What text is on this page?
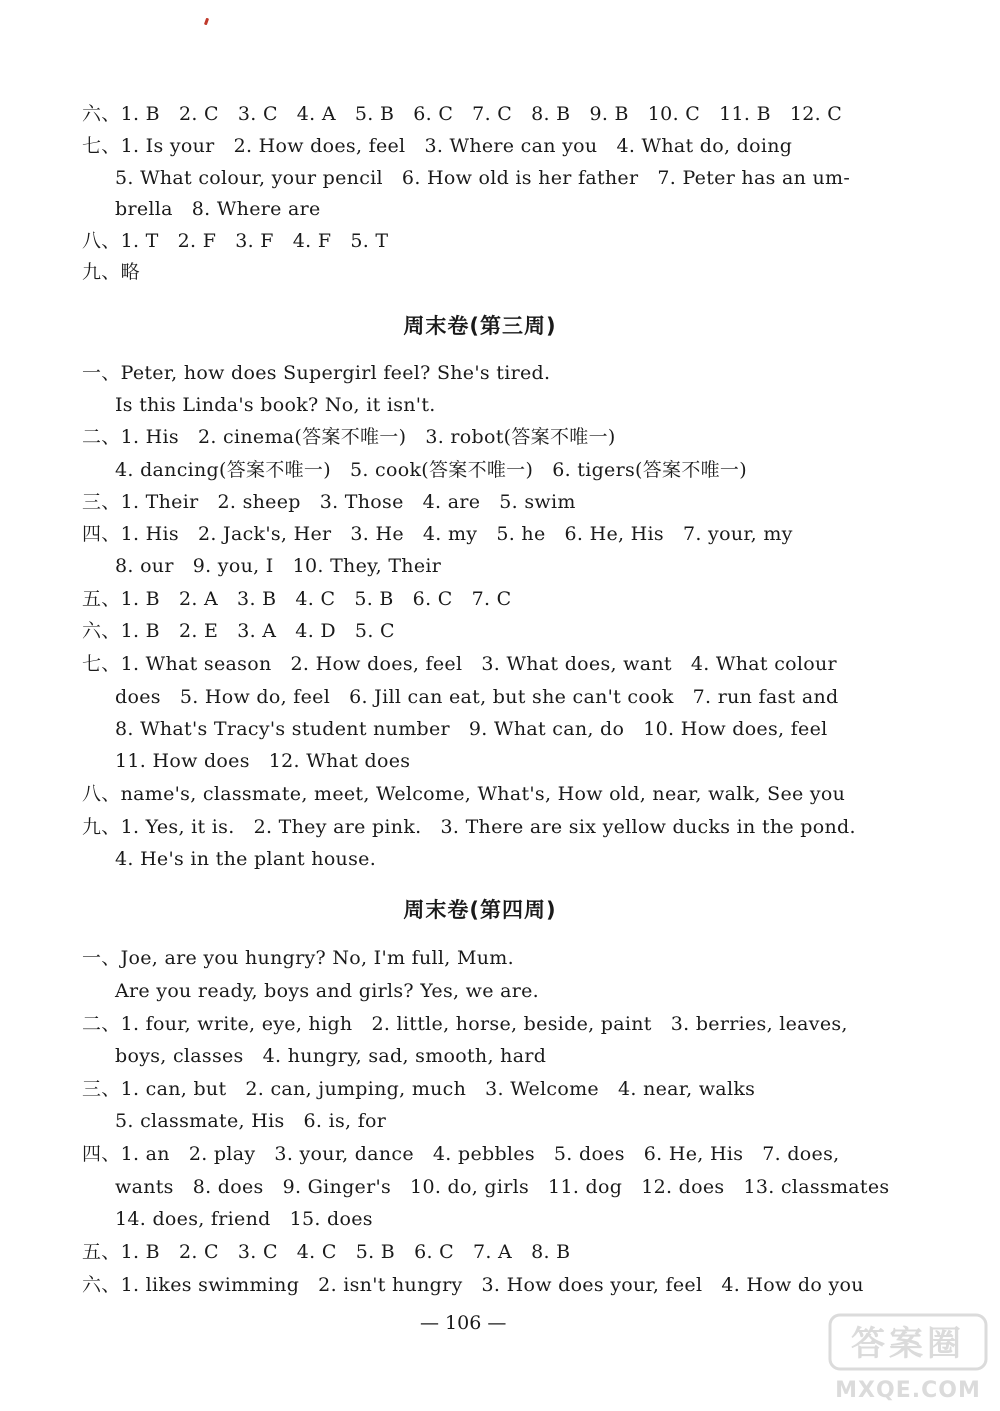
六、1. B   2. C   3. C   4. A   5. B   6. C   7. C   8. B   9. B   10. C   11. B   12. C
七、1. Is your   2. How does, feel   3. Where can you   4. What do, doing
5. What colour, your pencil   6. How old is her father   7. Peter has an um-
brella   8. Where are
八、1. T   2. F   3. F   4. F   5. T
九、略
周末卷(第三周)
一、Peter, how does Supergirl feel? She's tired.
Is this Linda's book? No, it isn't.
二、1. His   2. cinema(答案不唯一)   3. robot(答案不唯一)
4. dancing(答案不唯一)   5. cook(答案不唯一)   6. tigers(答案不唯一)
三、1. Their   2. sheep   3. Those   4. are   5. swim
四、1. His   2. Jack's, Her   3. He   4. my   5. he   6. He, His   7. your, my
8. our   9. you, I   10. They, Their
五、1. B   2. A   3. B   4. C   5. B   6. C   7. C
六、1. B   2. E   3. A   4. D   5. C
七、1. What season   2. How does, feel   3. What does, want   4. What colour
does   5. How do, feel   6. Jill can eat, but she can't cook   7. run fast and
8. What's Tracy's student number   9. What can, do   10. How does, feel
11. How does   12. What does
八、name's, classmate, meet, Welcome, What's, How old, near, walk, See you
九、1. Yes, it is.   2. They are pink.   3. There are six yellow ducks in the pond.
4. He's in the plant house.
周末卷(第四周)
一、Joe, are you hungry? No, I'm full, Mum.
Are you ready, boys and girls? Yes, we are.
二、1. four, write, eye, high   2. little, horse, beside, paint   3. berries, leaves,
boys, classes   4. hungry, sad, smooth, hard
三、1. can, but   2. can, jumping, much   3. Welcome   4. near, walks
5. classmate, His   6. is, for
四、1. an   2. play   3. your, dance   4. pebbles   5. does   6. He, His   7. does,
wants   8. does   9. Ginger's   10. do, girls   11. dog   12. does   13. classmates
14. does, friend   15. does
五、1. B   2. C   3. C   4. C   5. B   6. C   7. A   8. B
六、1. likes swimming   2. isn't hungry   3. How does your, feel   4. How do you
— 106 —
答案圈
MXQE.COM
